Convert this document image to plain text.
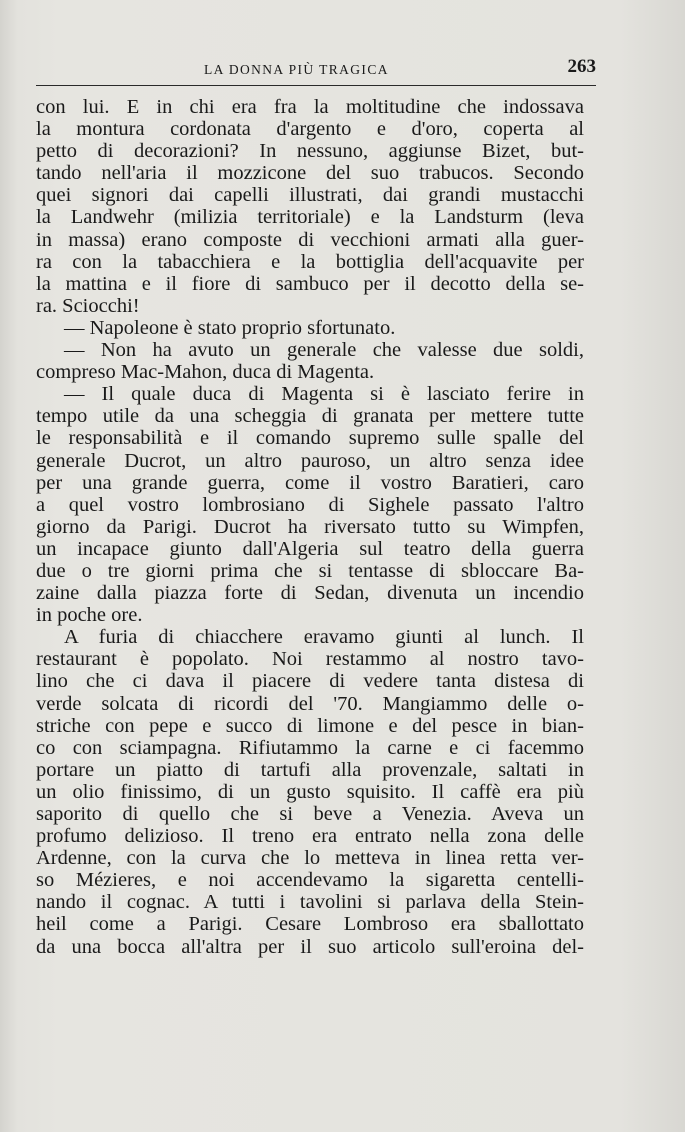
LA DONNA PIÙ TRAGICA	263
con lui. E in chi era fra la moltitudine che indossava
la montura cordonata d'argento e d'oro, coperta al
petto di decorazioni? In nessuno, aggiunse Bizet, but-
tando nell'aria il mozzicone del suo trabucos. Secondo
quei signori dai capelli illustrati, dai grandi mustacchi
la Landwehr (milizia territoriale) e la Landsturm (leva
in massa) erano composte di vecchioni armati alla guer-
ra con la tabacchiera e la bottiglia dell'acquavite per
la mattina e il fiore di sambuco per il decotto della se-
ra. Sciocchi!
— Napoleone è stato proprio sfortunato.
— Non ha avuto un generale che valesse due soldi,
compreso Mac-Mahon, duca di Magenta.
— Il quale duca di Magenta si è lasciato ferire in
tempo utile da una scheggia di granata per mettere tutte
le responsabilità e il comando supremo sulle spalle del
generale Ducrot, un altro pauroso, un altro senza idee
per una grande guerra, come il vostro Baratieri, caro
a quel vostro lombrosiano di Sighele passato l'altro
giorno da Parigi. Ducrot ha riversato tutto su Wimpfen,
un incapace giunto dall'Algeria sul teatro della guerra
due o tre giorni prima che si tentasse di sbloccare Ba-
zaine dalla piazza forte di Sedan, divenuta un incendio
in poche ore.
A furia di chiacchere eravamo giunti al lunch. Il
restaurant è popolato. Noi restammo al nostro tavo-
lino che ci dava il piacere di vedere tanta distesa di
verde solcata di ricordi del '70. Mangiammo delle o-
striche con pepe e succo di limone e del pesce in bian-
co con sciampagna. Rifiutammo la carne e ci facemmo
portare un piatto di tartufi alla provenzale, saltati in
un olio finissimo, di un gusto squisito. Il caffè era più
saporito di quello che si beve a Venezia. Aveva un
profumo delizioso. Il treno era entrato nella zona delle
Ardenne, con la curva che lo metteva in linea retta ver-
so Mézieres, e noi accendevamo la sigaretta centelli-
nando il cognac. A tutti i tavolini si parlava della Stein-
heil come a Parigi. Cesare Lombroso era sballottato
da una bocca all'altra per il suo articolo sull'eroina del-
